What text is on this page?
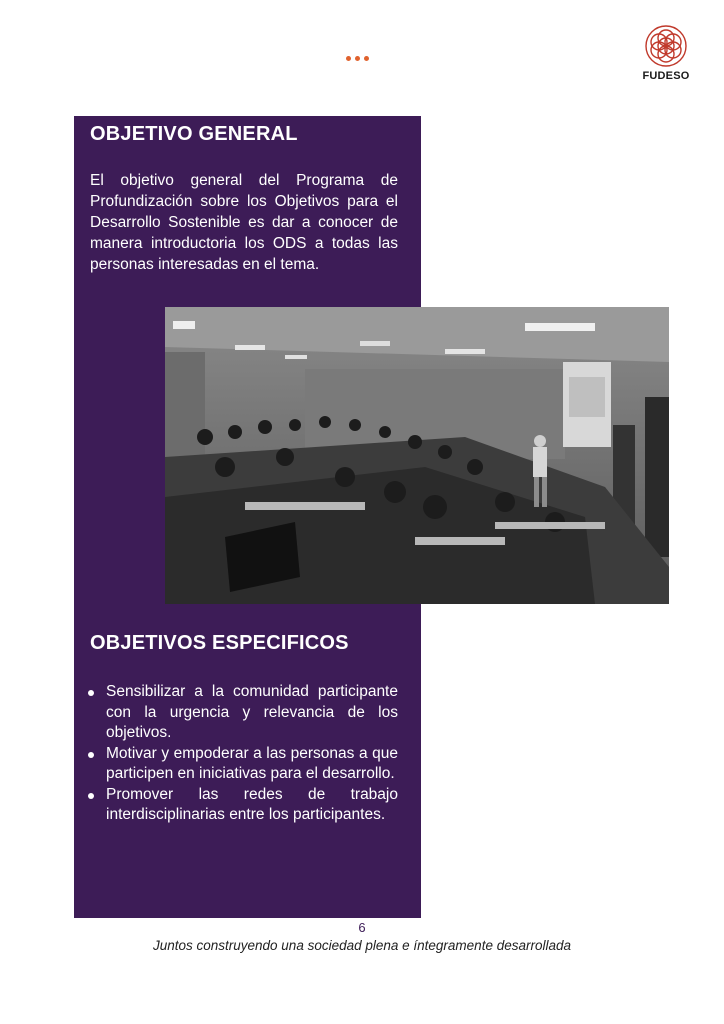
FUDESO
OBJETIVO GENERAL

El objetivo general del Programa de Profundización sobre los Objetivos para el Desarrollo Sostenible es dar a conocer de manera introductoria los ODS a todas las personas interesadas en el tema.

OBJETIVOS ESPECIFICOS
Sensibilizar a la comunidad participante con la urgencia y relevancia de los objetivos.
Motivar y empoderar a las personas a que participen en iniciativas para el desarrollo.
Promover las redes de trabajo interdisciplinarias entre los participantes.
6
Juntos construyendo una sociedad plena e íntegramente desarrollada
